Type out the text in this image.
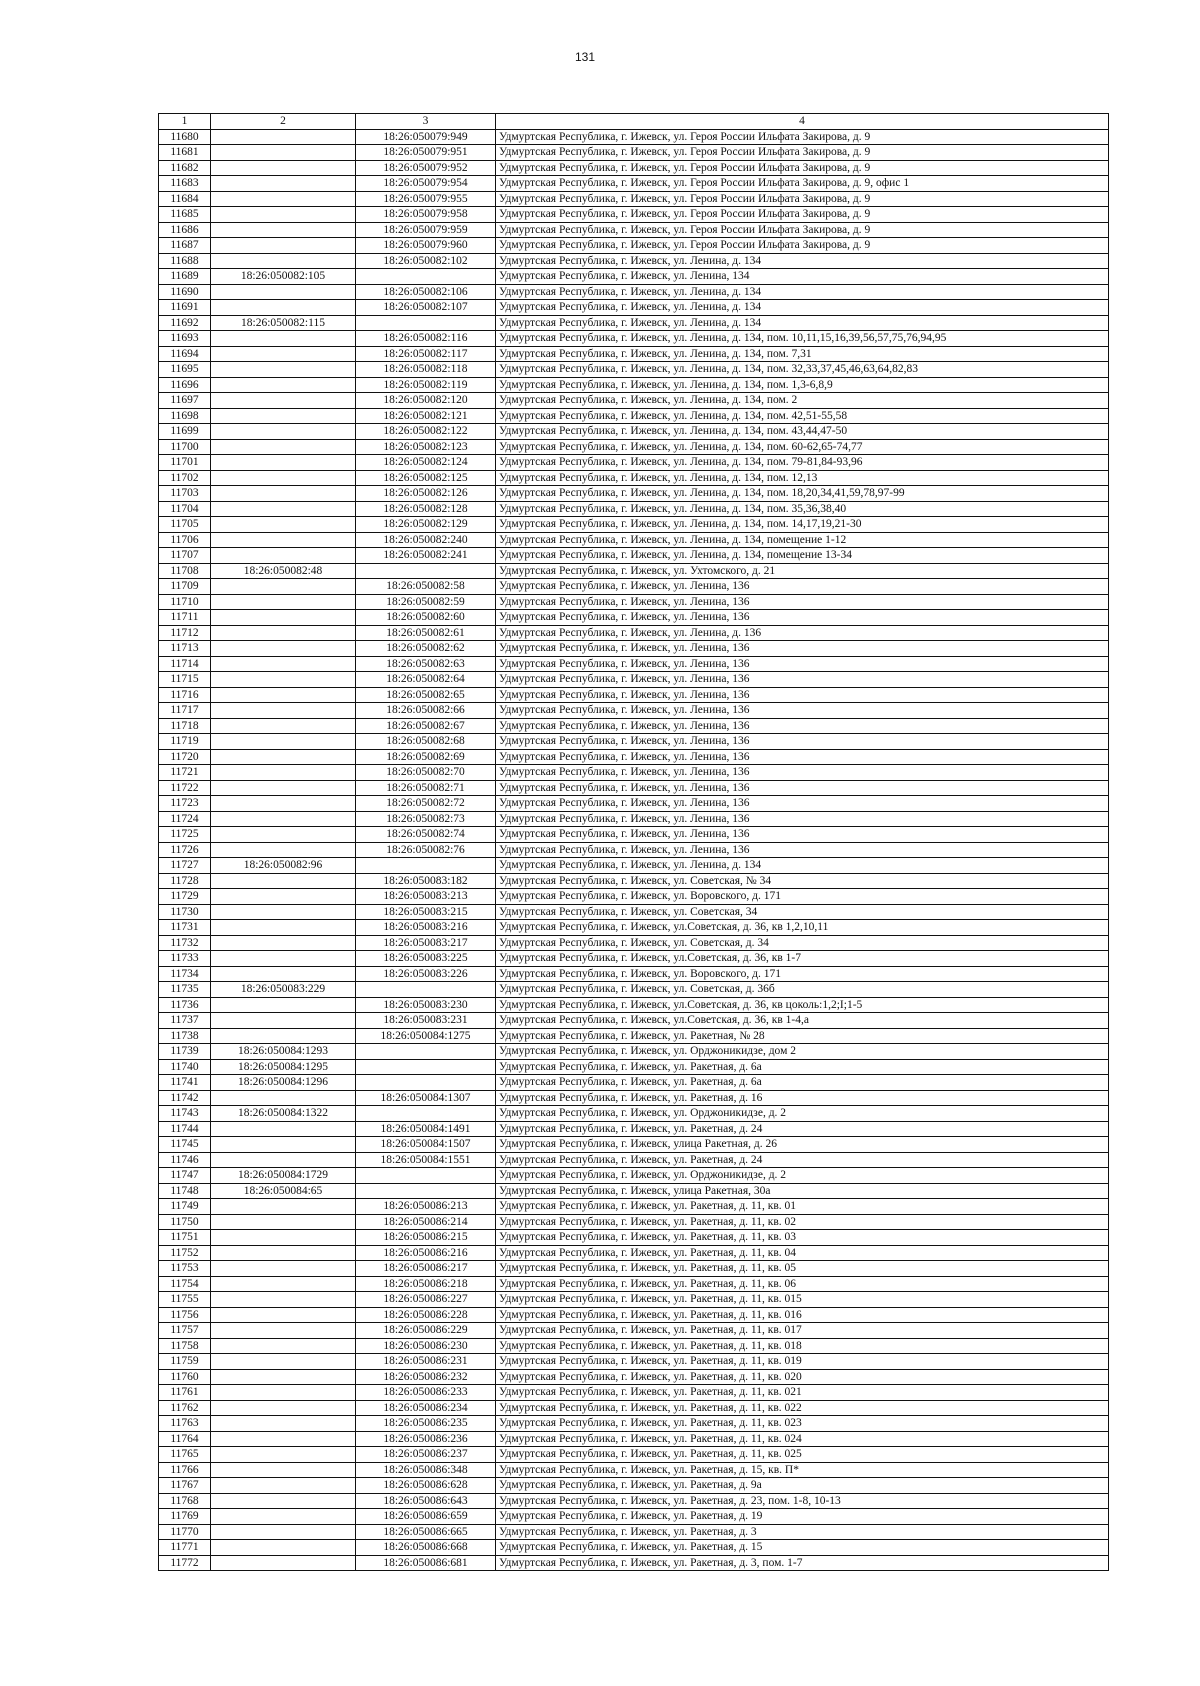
131
1	2	3	4
11680		18:26:050079:949	Удмуртская Республика, г. Ижевск, ул. Героя России Ильфата Закирова, д. 9
11681		18:26:050079:951	Удмуртская Республика, г. Ижевск, ул. Героя России Ильфата Закирова, д. 9
11682		18:26:050079:952	Удмуртская Республика, г. Ижевск, ул. Героя России Ильфата Закирова, д. 9
11683		18:26:050079:954	Удмуртская Республика, г. Ижевск, ул. Героя России Ильфата Закирова, д. 9, офис 1
11684		18:26:050079:955	Удмуртская Республика, г. Ижевск, ул. Героя России Ильфата Закирова, д. 9
11685		18:26:050079:958	Удмуртская Республика, г. Ижевск, ул. Героя России Ильфата Закирова, д. 9
11686		18:26:050079:959	Удмуртская Республика, г. Ижевск, ул. Героя России Ильфата Закирова, д. 9
11687		18:26:050079:960	Удмуртская Республика, г. Ижевск, ул. Героя России Ильфата Закирова, д. 9
11688		18:26:050082:102	Удмуртская Республика, г. Ижевск, ул. Ленина, д. 134
11689	18:26:050082:105		Удмуртская Республика, г. Ижевск, ул. Ленина, 134
11690		18:26:050082:106	Удмуртская Республика, г. Ижевск, ул. Ленина, д. 134
11691		18:26:050082:107	Удмуртская Республика, г. Ижевск, ул. Ленина, д. 134
11692	18:26:050082:115		Удмуртская Республика, г. Ижевск, ул. Ленина, д. 134
11693		18:26:050082:116	Удмуртская Республика, г. Ижевск, ул. Ленина, д. 134, пом. 10,11,15,16,39,56,57,75,76,94,95
11694		18:26:050082:117	Удмуртская Республика, г. Ижевск, ул. Ленина, д. 134, пом. 7,31
11695		18:26:050082:118	Удмуртская Республика, г. Ижевск, ул. Ленина, д. 134, пом. 32,33,37,45,46,63,64,82,83
11696		18:26:050082:119	Удмуртская Республика, г. Ижевск, ул. Ленина, д. 134, пом. 1,3-6,8,9
11697		18:26:050082:120	Удмуртская Республика, г. Ижевск, ул. Ленина, д. 134, пом. 2
11698		18:26:050082:121	Удмуртская Республика, г. Ижевск, ул. Ленина, д. 134, пом. 42,51-55,58
11699		18:26:050082:122	Удмуртская Республика, г. Ижевск, ул. Ленина, д. 134, пом. 43,44,47-50
11700		18:26:050082:123	Удмуртская Республика, г. Ижевск, ул. Ленина, д. 134, пом. 60-62,65-74,77
11701		18:26:050082:124	Удмуртская Республика, г. Ижевск, ул. Ленина, д. 134, пом. 79-81,84-93,96
11702		18:26:050082:125	Удмуртская Республика, г. Ижевск, ул. Ленина, д. 134, пом. 12,13
11703		18:26:050082:126	Удмуртская Республика, г. Ижевск, ул. Ленина, д. 134, пом. 18,20,34,41,59,78,97-99
11704		18:26:050082:128	Удмуртская Республика, г. Ижевск, ул. Ленина, д. 134, пом. 35,36,38,40
11705		18:26:050082:129	Удмуртская Республика, г. Ижевск, ул. Ленина, д. 134, пом. 14,17,19,21-30
11706		18:26:050082:240	Удмуртская Республика, г. Ижевск, ул. Ленина, д. 134, помещение 1-12
11707		18:26:050082:241	Удмуртская Республика, г. Ижевск, ул. Ленина, д. 134, помещение 13-34
11708	18:26:050082:48		Удмуртская Республика, г. Ижевск, ул. Ухтомского, д. 21
11709		18:26:050082:58	Удмуртская Республика, г. Ижевск, ул. Ленина, 136
11710		18:26:050082:59	Удмуртская Республика, г. Ижевск, ул. Ленина, 136
11711		18:26:050082:60	Удмуртская Республика, г. Ижевск, ул. Ленина, 136
11712		18:26:050082:61	Удмуртская Республика, г. Ижевск, ул. Ленина, д. 136
11713		18:26:050082:62	Удмуртская Республика, г. Ижевск, ул. Ленина, 136
11714		18:26:050082:63	Удмуртская Республика, г. Ижевск, ул. Ленина, 136
11715		18:26:050082:64	Удмуртская Республика, г. Ижевск, ул. Ленина, 136
11716		18:26:050082:65	Удмуртская Республика, г. Ижевск, ул. Ленина, 136
11717		18:26:050082:66	Удмуртская Республика, г. Ижевск, ул. Ленина, 136
11718		18:26:050082:67	Удмуртская Республика, г. Ижевск, ул. Ленина, 136
11719		18:26:050082:68	Удмуртская Республика, г. Ижевск, ул. Ленина, 136
11720		18:26:050082:69	Удмуртская Республика, г. Ижевск, ул. Ленина, 136
11721		18:26:050082:70	Удмуртская Республика, г. Ижевск, ул. Ленина, 136
11722		18:26:050082:71	Удмуртская Республика, г. Ижевск, ул. Ленина, 136
11723		18:26:050082:72	Удмуртская Республика, г. Ижевск, ул. Ленина, 136
11724		18:26:050082:73	Удмуртская Республика, г. Ижевск, ул. Ленина, 136
11725		18:26:050082:74	Удмуртская Республика, г. Ижевск, ул. Ленина, 136
11726		18:26:050082:76	Удмуртская Республика, г. Ижевск, ул. Ленина, 136
11727	18:26:050082:96		Удмуртская Республика, г. Ижевск, ул. Ленина, д. 134
11728		18:26:050083:182	Удмуртская Республика, г. Ижевск, ул. Советская, № 34
11729		18:26:050083:213	Удмуртская Республика, г. Ижевск, ул. Воровского, д. 171
11730		18:26:050083:215	Удмуртская Республика, г. Ижевск, ул. Советская, 34
11731		18:26:050083:216	Удмуртская Республика, г. Ижевск, ул.Советская, д. 36, кв 1,2,10,11
11732		18:26:050083:217	Удмуртская Республика, г. Ижевск, ул. Советская, д. 34
11733		18:26:050083:225	Удмуртская Республика, г. Ижевск, ул.Советская, д. 36, кв 1-7
11734		18:26:050083:226	Удмуртская Республика, г. Ижевск, ул. Воровского, д. 171
11735	18:26:050083:229		Удмуртская Республика, г. Ижевск, ул. Советская, д. 36б
11736		18:26:050083:230	Удмуртская Республика, г. Ижевск, ул.Советская, д. 36, кв цоколь:1,2;I;1-5
11737		18:26:050083:231	Удмуртская Республика, г. Ижевск, ул.Советская, д. 36, кв 1-4,а
11738		18:26:050084:1275	Удмуртская Республика, г. Ижевск, ул. Ракетная, № 28
11739	18:26:050084:1293		Удмуртская Республика, г. Ижевск, ул. Орджоникидзе, дом 2
11740	18:26:050084:1295		Удмуртская Республика, г. Ижевск, ул. Ракетная, д. 6а
11741	18:26:050084:1296		Удмуртская Республика, г. Ижевск, ул. Ракетная, д. 6а
11742		18:26:050084:1307	Удмуртская Республика, г. Ижевск, ул. Ракетная, д. 16
11743	18:26:050084:1322		Удмуртская Республика, г. Ижевск, ул. Орджоникидзе, д. 2
11744		18:26:050084:1491	Удмуртская Республика, г. Ижевск, ул. Ракетная, д. 24
11745		18:26:050084:1507	Удмуртская Республика, г. Ижевск, улица Ракетная, д. 26
11746		18:26:050084:1551	Удмуртская Республика, г. Ижевск, ул. Ракетная, д. 24
11747	18:26:050084:1729		Удмуртская Республика, г. Ижевск, ул. Орджоникидзе, д. 2
11748	18:26:050084:65		Удмуртская Республика, г. Ижевск, улица Ракетная, 30а
11749		18:26:050086:213	Удмуртская Республика, г. Ижевск, ул. Ракетная, д. 11, кв. 01
11750		18:26:050086:214	Удмуртская Республика, г. Ижевск, ул. Ракетная, д. 11, кв. 02
11751		18:26:050086:215	Удмуртская Республика, г. Ижевск, ул. Ракетная, д. 11, кв. 03
11752		18:26:050086:216	Удмуртская Республика, г. Ижевск, ул. Ракетная, д. 11, кв. 04
11753		18:26:050086:217	Удмуртская Республика, г. Ижевск, ул. Ракетная, д. 11, кв. 05
11754		18:26:050086:218	Удмуртская Республика, г. Ижевск, ул. Ракетная, д. 11, кв. 06
11755		18:26:050086:227	Удмуртская Республика, г. Ижевск, ул. Ракетная, д. 11, кв. 015
11756		18:26:050086:228	Удмуртская Республика, г. Ижевск, ул. Ракетная, д. 11, кв. 016
11757		18:26:050086:229	Удмуртская Республика, г. Ижевск, ул. Ракетная, д. 11, кв. 017
11758		18:26:050086:230	Удмуртская Республика, г. Ижевск, ул. Ракетная, д. 11, кв. 018
11759		18:26:050086:231	Удмуртская Республика, г. Ижевск, ул. Ракетная, д. 11, кв. 019
11760		18:26:050086:232	Удмуртская Республика, г. Ижевск, ул. Ракетная, д. 11, кв. 020
11761		18:26:050086:233	Удмуртская Республика, г. Ижевск, ул. Ракетная, д. 11, кв. 021
11762		18:26:050086:234	Удмуртская Республика, г. Ижевск, ул. Ракетная, д. 11, кв. 022
11763		18:26:050086:235	Удмуртская Республика, г. Ижевск, ул. Ракетная, д. 11, кв. 023
11764		18:26:050086:236	Удмуртская Республика, г. Ижевск, ул. Ракетная, д. 11, кв. 024
11765		18:26:050086:237	Удмуртская Республика, г. Ижевск, ул. Ракетная, д. 11, кв. 025
11766		18:26:050086:348	Удмуртская Республика, г. Ижевск, ул. Ракетная, д. 15, кв. П*
11767		18:26:050086:628	Удмуртская Республика, г. Ижевск, ул. Ракетная, д. 9а
11768		18:26:050086:643	Удмуртская Республика, г. Ижевск, ул. Ракетная, д. 23, пом. 1-8, 10-13
11769		18:26:050086:659	Удмуртская Республика, г. Ижевск, ул. Ракетная, д. 19
11770		18:26:050086:665	Удмуртская Республика, г. Ижевск, ул. Ракетная, д. 3
11771		18:26:050086:668	Удмуртская Республика, г. Ижевск, ул. Ракетная, д. 15
11772		18:26:050086:681	Удмуртская Республика, г. Ижевск, ул. Ракетная, д. 3, пом. 1-7
